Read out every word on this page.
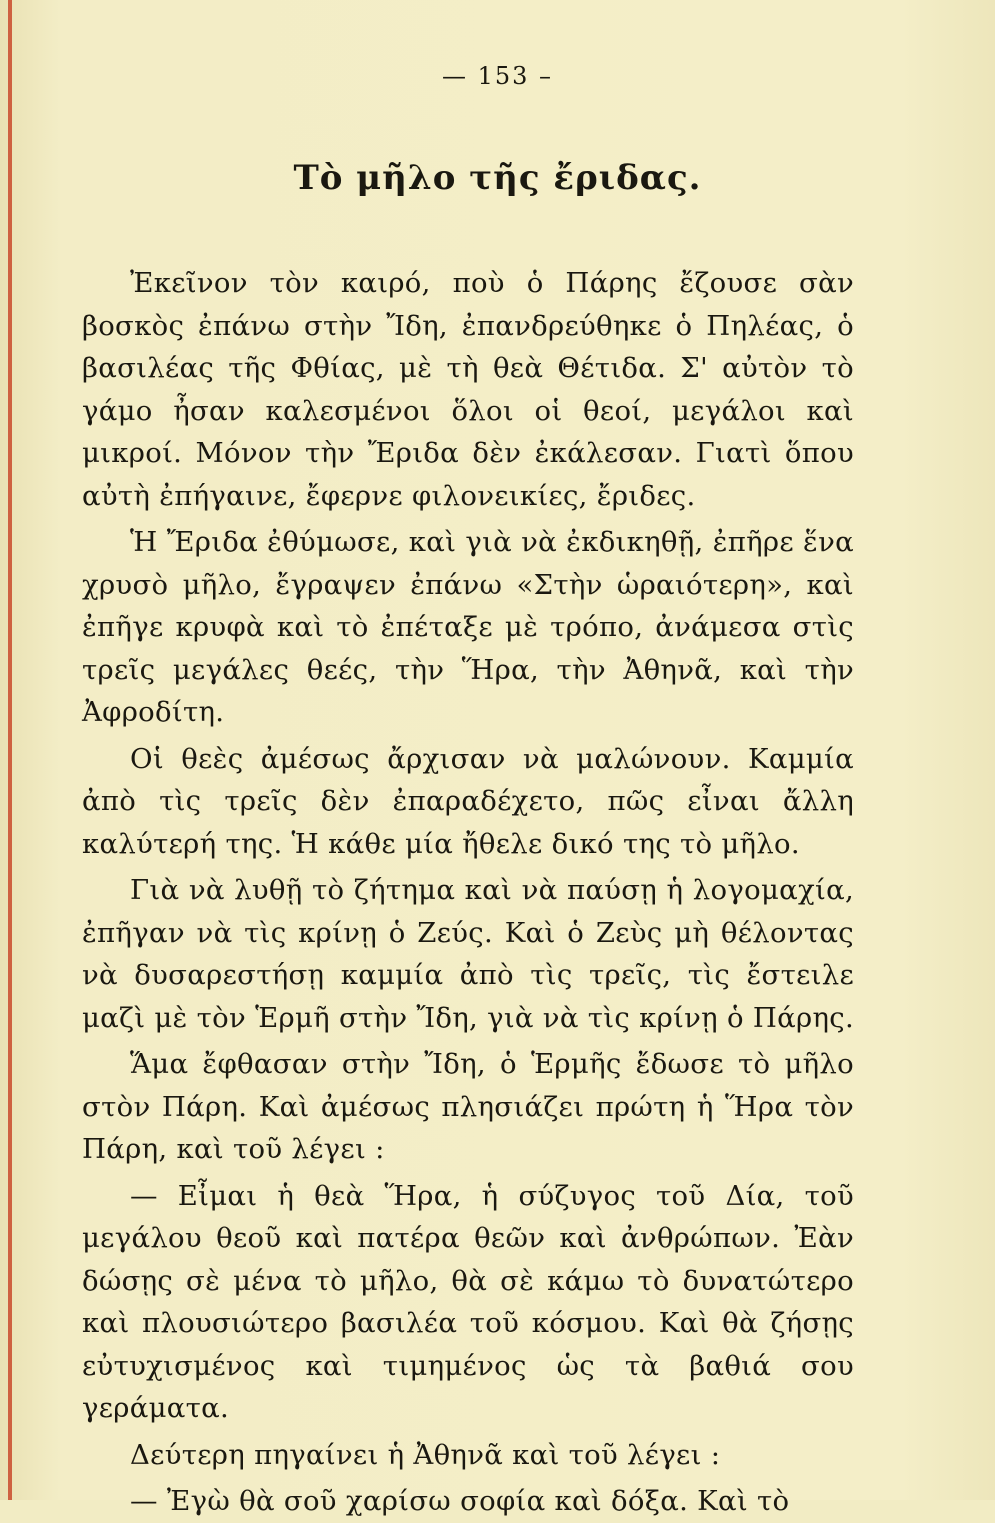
— 153 –
Τὸ μῆλο τῆς ἔριδας.

Ἐκεῖνον τὸν καιρό, ποὺ ὁ Πάρης ἔζουσε σὰν βοσκὸς ἐπάνω στὴν Ἴδη, ἐπανδρεύθηκε ὁ Πηλέας, ὁ βασιλέας τῆς Φθίας, μὲ τὴ θεὰ Θέτιδα. Σ' αὐτὸν τὸ γάμο ἦσαν καλεσμένοι ὅλοι οἱ θεοί, μεγάλοι καὶ μικροί. Μόνον τὴν Ἔριδα δὲν ἐκάλεσαν. Γιατὶ ὅπου αὐτὴ ἐπήγαινε, ἔφερνε φιλονεικίες, ἔριδες.

Ἡ Ἔριδα ἐθύμωσε, καὶ γιὰ νὰ ἐκδικηθῇ, ἐπῆρε ἕνα χρυσὸ μῆλο, ἔγραψεν ἐπάνω «Στὴν ὡραιότερη», καὶ ἐπῆγε κρυφὰ καὶ τὸ ἐπέταξε μὲ τρόπο, ἀνάμεσα στὶς τρεῖς μεγάλες θεές, τὴν Ἥρα, τὴν Ἀθηνᾶ, καὶ τὴν Ἀφροδίτη.

Οἱ θεὲς ἀμέσως ἄρχισαν νὰ μαλώνουν. Καμμία ἀπὸ τὶς τρεῖς δὲν ἐπαραδέχετο, πῶς εἶναι ἄλλη καλύτερή της. Ἡ κάθε μία ἤθελε δικό της τὸ μῆλο.

Γιὰ νὰ λυθῇ τὸ ζήτημα καὶ νὰ παύσῃ ἡ λογομαχία, ἐπῆγαν νὰ τὶς κρίνῃ ὁ Ζεύς. Καὶ ὁ Ζεὺς μὴ θέλοντας νὰ δυσαρεστήσῃ καμμία ἀπὸ τὶς τρεῖς, τὶς ἔστειλε μαζὶ μὲ τὸν Ἑρμῆ στὴν Ἴδη, γιὰ νὰ τὶς κρίνῃ ὁ Πάρης.

Ἅμα ἔφθασαν στὴν Ἴδη, ὁ Ἑρμῆς ἔδωσε τὸ μῆλο στὸν Πάρη. Καὶ ἀμέσως πλησιάζει πρώτη ἡ Ἥρα τὸν Πάρη, καὶ τοῦ λέγει :

— Εἶμαι ἡ θεὰ Ἥρα, ἡ σύζυγος τοῦ Δία, τοῦ μεγάλου θεοῦ καὶ πατέρα θεῶν καὶ ἀνθρώπων. Ἐὰν δώσῃς σὲ μένα τὸ μῆλο, θὰ σὲ κάμω τὸ δυνατώτερο καὶ πλουσιώτερο βασιλέα τοῦ κόσμου. Καὶ θὰ ζήσῃς εὐτυχισμένος καὶ τιμημένος ὡς τὰ βαθιά σου γεράματα.

Δεύτερη πηγαίνει ἡ Ἀθηνᾶ καὶ τοῦ λέγει :

— Ἐγὼ θὰ σοῦ χαρίσω σοφία καὶ δόξα. Καὶ τὸ
